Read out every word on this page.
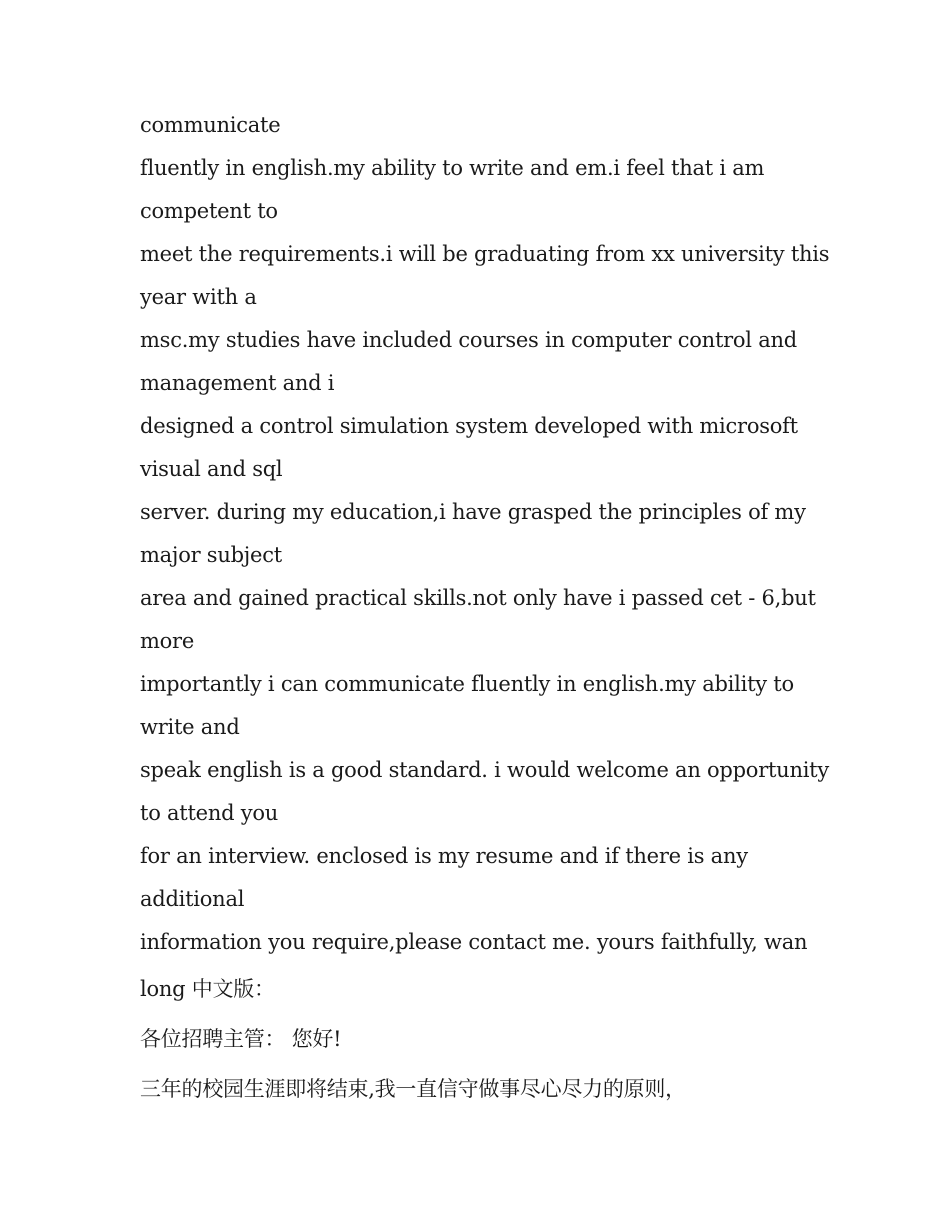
communicate
fluently in english.my ability to write and em.i feel that i am
competent to
meet the requirements.i will be graduating from xx university this
year with a
msc.my studies have included courses in computer control and
management and i
designed a control simulation system developed with microsoft
visual and sql
server. during my education,i have grasped the principles of my
major subject
area and gained practical skills.not only have i passed cet - 6,but
more
importantly i can communicate fluently in english.my ability to
write and
speak english is a good standard. i would welcome an opportunity
to attend you
for an interview. enclosed is my resume and if there is any
additional
information you require,please contact me. yours faithfully, wan
long 中文版：
各位招聘主管： 您好!
三年的校园生涯即将结束,我一直信守做事尽心尽力的原则，
